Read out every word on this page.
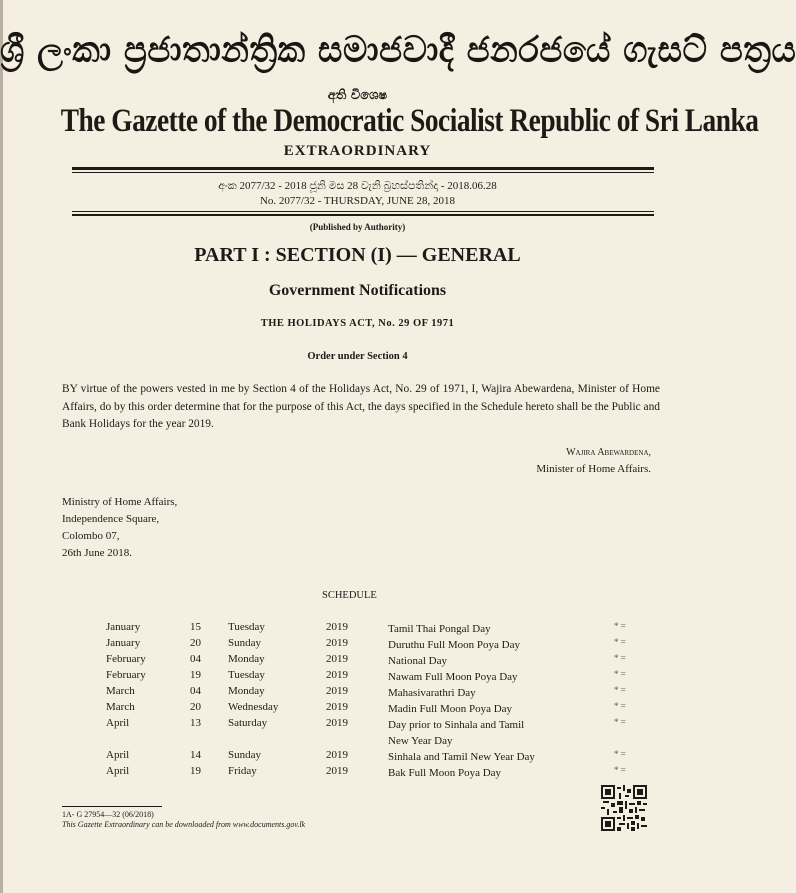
ශ්‍රී ලංකා ප්‍රජාතාන්ත්‍රික සමාජවාදී ජනරජයේ ගැසට් පත්‍රය
අති විශෙෂ
The Gazette of the Democratic Socialist Republic of Sri Lanka
EXTRAORDINARY
අංක 2077/32 - 2018 ජූනි මස 28 වැනි බ්‍රහස්පතින්දා - 2018.06.28
No. 2077/32 - THURSDAY, JUNE 28, 2018
(Published by Authority)
PART I : SECTION (I) — GENERAL
Government Notifications
THE HOLIDAYS ACT, No. 29 OF 1971
Order under Section 4
BY virtue of the powers vested in me by Section 4 of the Holidays Act, No. 29 of 1971, I, Wajira Abewardena, Minister of Home Affairs, do by this order determine that for the purpose of this Act, the days specified in the Schedule hereto shall be the Public and Bank Holidays for the year 2019.
Wajira Abewardena,
Minister of Home Affairs.
Ministry of Home Affairs,
Independence Square,
Colombo 07,
26th June 2018.
SCHEDULE
January	15 Tuesday	2019	Tamil Thai Pongal Day	* =
January	20 Sunday	2019	Duruthu Full Moon Poya Day	* =
February	04 Monday	2019	National Day	* =
February	19 Tuesday	2019	Nawam Full Moon Poya Day	* =
March	04 Monday	2019	Mahasivarathri Day	* =
March	20 Wednesday	2019	Madin Full Moon Poya Day	* =
April	13 Saturday	2019	Day prior to Sinhala and Tamil
New Year Day
* =
April	14 Sunday	2019	Sinhala and Tamil New Year Day	* =
April	19 Friday	2019	Bak Full Moon Poya Day	* =
1A- G 27954—32 (06/2018)
This Gazette Extraordinary can be downloaded from www.documents.gov.lk
